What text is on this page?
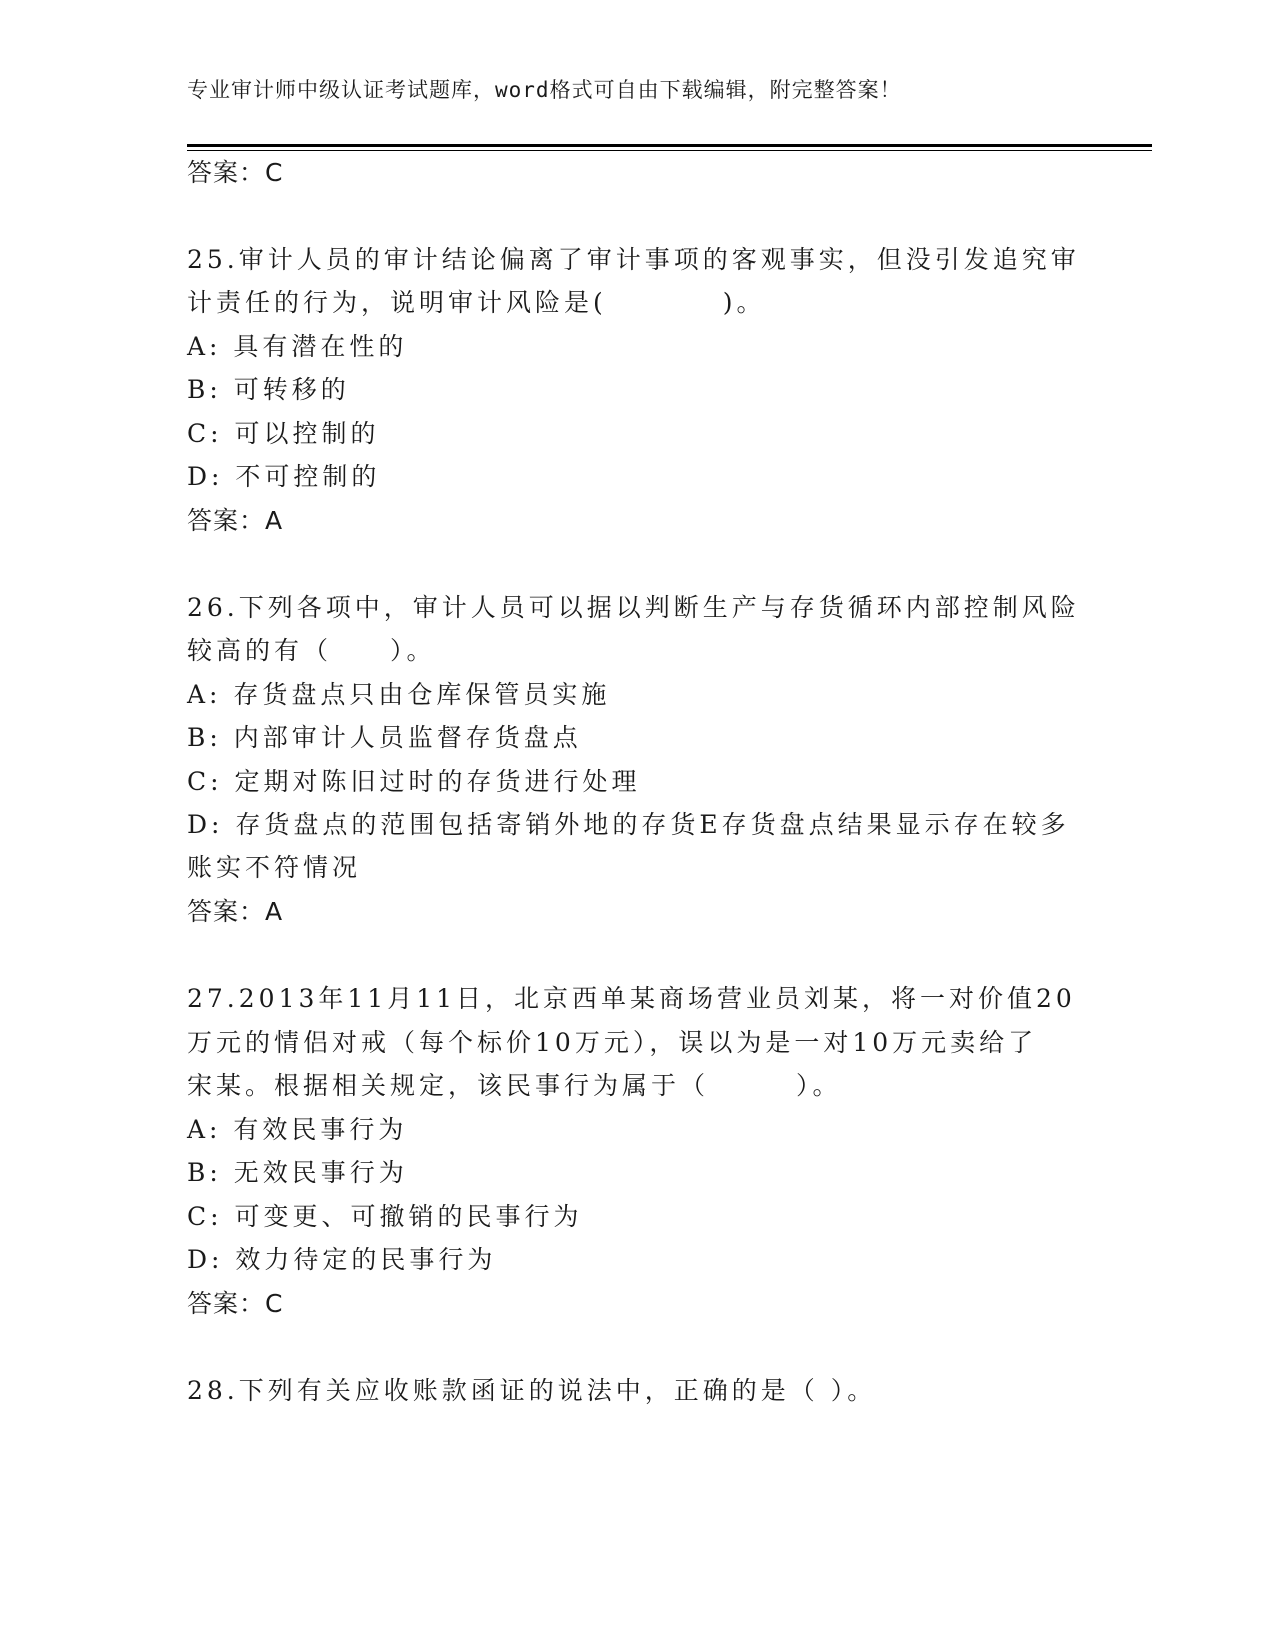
专业审计师中级认证考试题库，word格式可自由下载编辑，附完整答案！
答案：C
25.审计人员的审计结论偏离了审计事项的客观事实，但没引发追究审
计责任的行为，说明审计风险是(　　　　)。
A: 具有潜在性的
B: 可转移的
C: 可以控制的
D: 不可控制的
答案：A
26.下列各项中，审计人员可以据以判断生产与存货循环内部控制风险
较高的有（　　）。
A: 存货盘点只由仓库保管员实施
B: 内部审计人员监督存货盘点
C: 定期对陈旧过时的存货进行处理
D: 存货盘点的范围包括寄销外地的存货E存货盘点结果显示存在较多
账实不符情况
答案：A
27.2013年11月11日，北京西单某商场营业员刘某，将一对价值20
万元的情侣对戒（每个标价10万元），误以为是一对10万元卖给了
宋某。根据相关规定，该民事行为属于（　　　）。
A: 有效民事行为
B: 无效民事行为
C: 可变更、可撤销的民事行为
D: 效力待定的民事行为
答案：C
28.下列有关应收账款函证的说法中，正确的是（ ）。
